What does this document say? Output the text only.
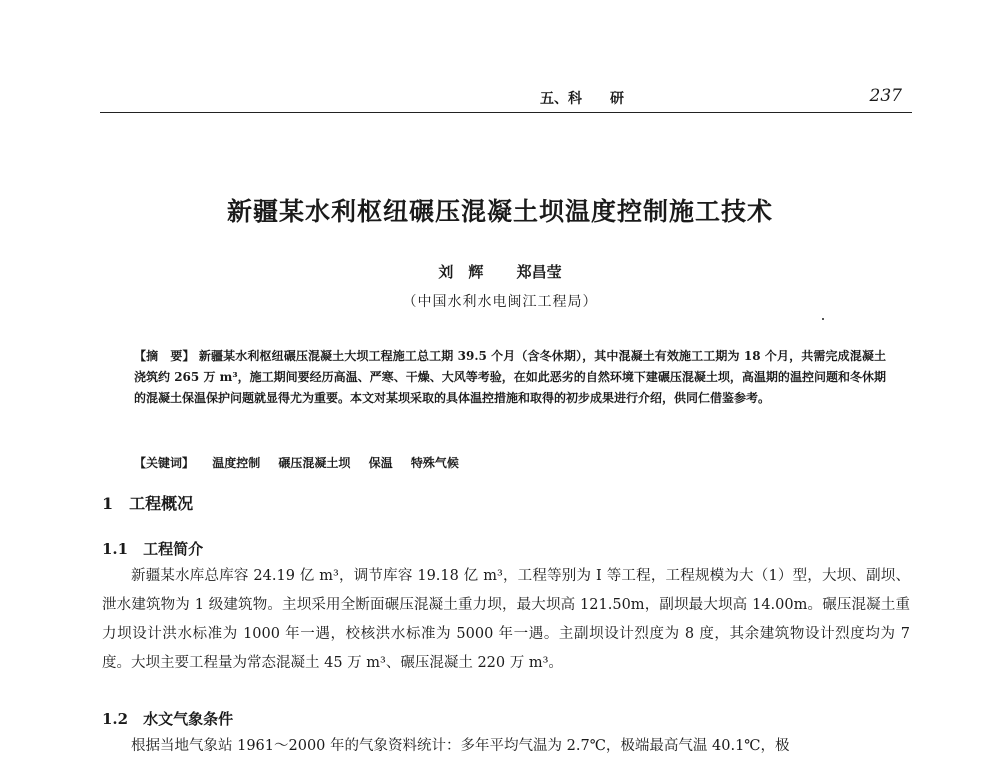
五、科 研	237
新疆某水利枢纽碾压混凝土坝温度控制施工技术
刘　辉 郑昌莹
（中国水利水电闽江工程局）
【摘　要】 新疆某水利枢纽碾压混凝土大坝工程施工总工期 39.5 个月（含冬休期），其中混凝土有效施工工期为 18 个月，共需完成混凝土浇筑约 265 万 m³，施工期间要经历高温、严寒、干燥、大风等考验，在如此恶劣的自然环境下建碾压混凝土坝，高温期的温控问题和冬休期的混凝土保温保护问题就显得尤为重要。本文对某坝采取的具体温控措施和取得的初步成果进行介绍，供同仁借鉴参考。
【关键词】 温度控制 碾压混凝土坝 保温 特殊气候
1　工程概况
1.1　工程简介
新疆某水库总库容 24.19 亿 m³，调节库容 19.18 亿 m³，工程等别为 Ⅰ 等工程，工程规模为大（1）型，大坝、副坝、泄水建筑物为 1 级建筑物。主坝采用全断面碾压混凝土重力坝，最大坝高 121.50m，副坝最大坝高 14.00m。碾压混凝土重力坝设计洪水标准为 1000 年一遇，校核洪水标准为 5000 年一遇。主副坝设计烈度为 8 度，其余建筑物设计烈度均为 7 度。大坝主要工程量为常态混凝土 45 万 m³、碾压混凝土 220 万 m³。
1.2　水文气象条件
根据当地气象站 1961～2000 年的气象资料统计：多年平均气温为 2.7℃，极端最高气温 40.1℃，极
